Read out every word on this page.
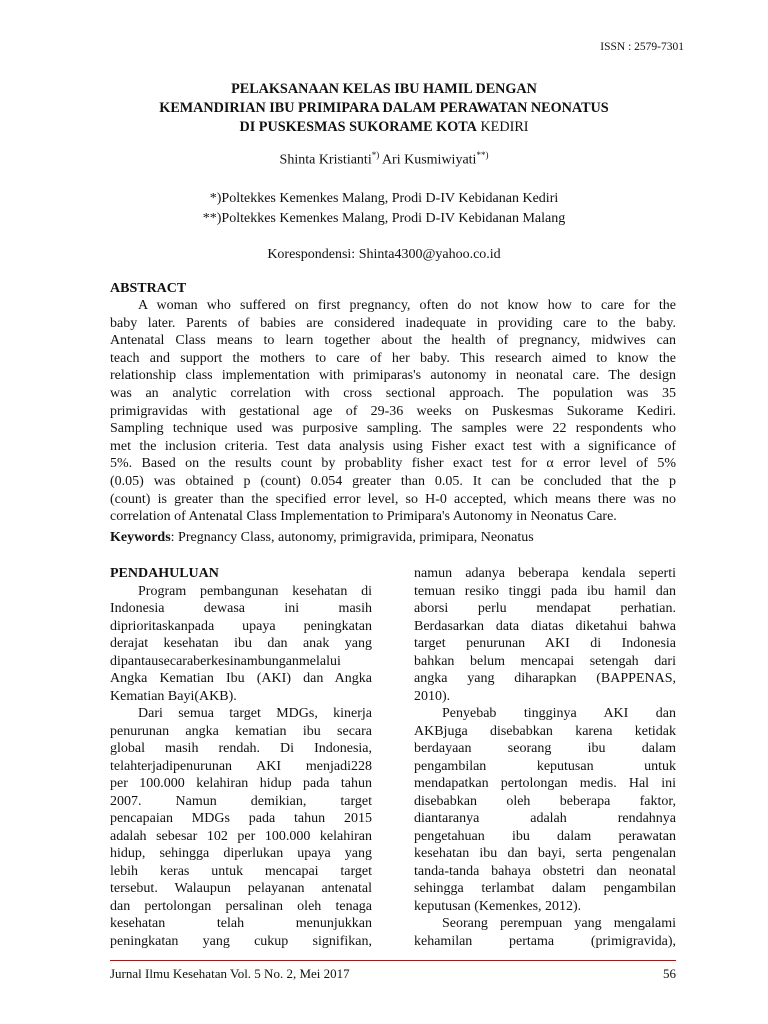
ISSN : 2579-7301
PELAKSANAAN KELAS IBU HAMIL DENGAN
KEMANDIRIAN IBU PRIMIPARA DALAM PERAWATAN NEONATUS
DI PUSKESMAS SUKORAME KOTA KEDIRI
Shinta Kristianti*) Ari Kusmiwiyati**)
*)Poltekkes Kemenkes Malang, Prodi D-IV Kebidanan Kediri
**)Poltekkes Kemenkes Malang, Prodi D-IV Kebidanan Malang
Korespondensi: Shinta4300@yahoo.co.id
ABSTRACT
A woman who suffered on first pregnancy, often do not know how to care for the
baby later. Parents of babies are considered inadequate in providing care to the baby.
Antenatal Class means to learn together about the health of pregnancy, midwives can
teach and support the mothers to care of her baby. This research aimed to know the
relationship class implementation with primiparas's autonomy in neonatal care. The design
was an analytic correlation with cross sectional approach. The population was 35
primigravidas with gestational age of 29-36 weeks on Puskesmas Sukorame Kediri.
Sampling technique used was purposive sampling. The samples were 22 respondents who
met the inclusion criteria. Test data analysis using Fisher exact test with a significance of
5%. Based on the results count by probablity fisher exact test for α error level of 5%
(0.05) was obtained p (count) 0.054 greater than 0.05. It can be concluded that the p
(count) is greater than the specified error level, so H-0 accepted, which means there was no
correlation of Antenatal Class Implementation to Primipara's Autonomy in Neonatus Care.
Keywords: Pregnancy Class, autonomy, primigravida, primipara, Neonatus
PENDAHULUAN
Program pembangunan kesehatan di
Indonesia dewasa ini masih
diprioritaskanpada upaya peningkatan
derajat kesehatan ibu dan anak yang
dipantausecaraberkesinambunganmelalui
Angka Kematian Ibu (AKI) dan Angka
Kematian Bayi(AKB).
Dari semua target MDGs, kinerja
penurunan angka kematian ibu secara
global masih rendah. Di Indonesia,
telahterjadipenurunan AKI menjadi228
per 100.000 kelahiran hidup pada tahun
2007. Namun demikian, target
pencapaian MDGs pada tahun 2015
adalah sebesar 102 per 100.000 kelahiran
hidup, sehingga diperlukan upaya yang
lebih keras untuk mencapai target
tersebut. Walaupun pelayanan antenatal
dan pertolongan persalinan oleh tenaga
kesehatan telah menunjukkan
peningkatan yang cukup signifikan,
namun adanya beberapa kendala seperti
temuan resiko tinggi pada ibu hamil dan
aborsi perlu mendapat perhatian.
Berdasarkan data diatas diketahui bahwa
target penurunan AKI di Indonesia
bahkan belum mencapai setengah dari
angka yang diharapkan (BAPPENAS,
2010).
Penyebab tingginya AKI dan
AKBjuga disebabkan karena ketidak
berdayaan seorang ibu dalam
pengambilan keputusan untuk
mendapatkan pertolongan medis. Hal ini
disebabkan oleh beberapa faktor,
diantaranya adalah rendahnya
pengetahuan ibu dalam perawatan
kesehatan ibu dan bayi, serta pengenalan
tanda-tanda bahaya obstetri dan neonatal
sehingga terlambat dalam pengambilan
keputusan (Kemenkes, 2012).
Seorang perempuan yang mengalami
kehamilan pertama (primigravida),
Jurnal Ilmu Kesehatan Vol. 5 No. 2, Mei 2017	56
